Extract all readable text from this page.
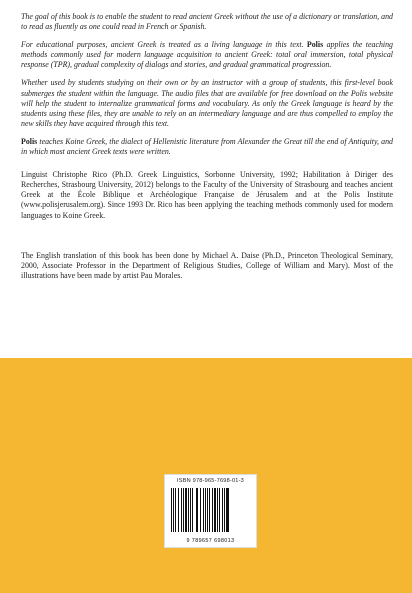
The goal of this book is to enable the student to read ancient Greek without the use of a dictionary or translation, and to read as fluently as one could read in French or Spanish.

For educational purposes, ancient Greek is treated as a living language in this text. Polis applies the teaching methods commonly used for modern language acquisition to ancient Greek: total oral immersion, total physical response (TPR), gradual complexity of dialogs and stories, and gradual grammatical progression.

Whether used by students studying on their own or by an instructor with a group of students, this first-level book submerges the student within the language. The audio files that are available for free download on the Polis website will help the student to internalize grammatical forms and vocabulary. As only the Greek language is heard by the students using these files, they are unable to rely on an intermediary language and are thus compelled to employ the new skills they have acquired through this text.

Polis teaches Koine Greek, the dialect of Hellenistic literature from Alexander the Great till the end of Antiquity, and in which most ancient Greek texts were written.

Linguist Christophe Rico (Ph.D. Greek Linguistics, Sorbonne University, 1992; Habilitation à Diriger des Recherches, Strasbourg University, 2012) belongs to the Faculty of the University of Strasbourg and teaches ancient Greek at the École Biblique et Archéologique Française de Jérusalem and at the Polis Institute (www.polisjerusalem.org). Since 1993 Dr. Rico has been applying the teaching methods commonly used for modern languages to Koine Greek.

The English translation of this book has been done by Michael A. Daise (Ph.D., Princeton Theological Seminary, 2000, Associate Professor in the Department of Religious Studies, College of William and Mary). Most of the illustrations have been made by artist Pau Morales.

ISBN 978-965-7698-01-3
9 789657 698013
